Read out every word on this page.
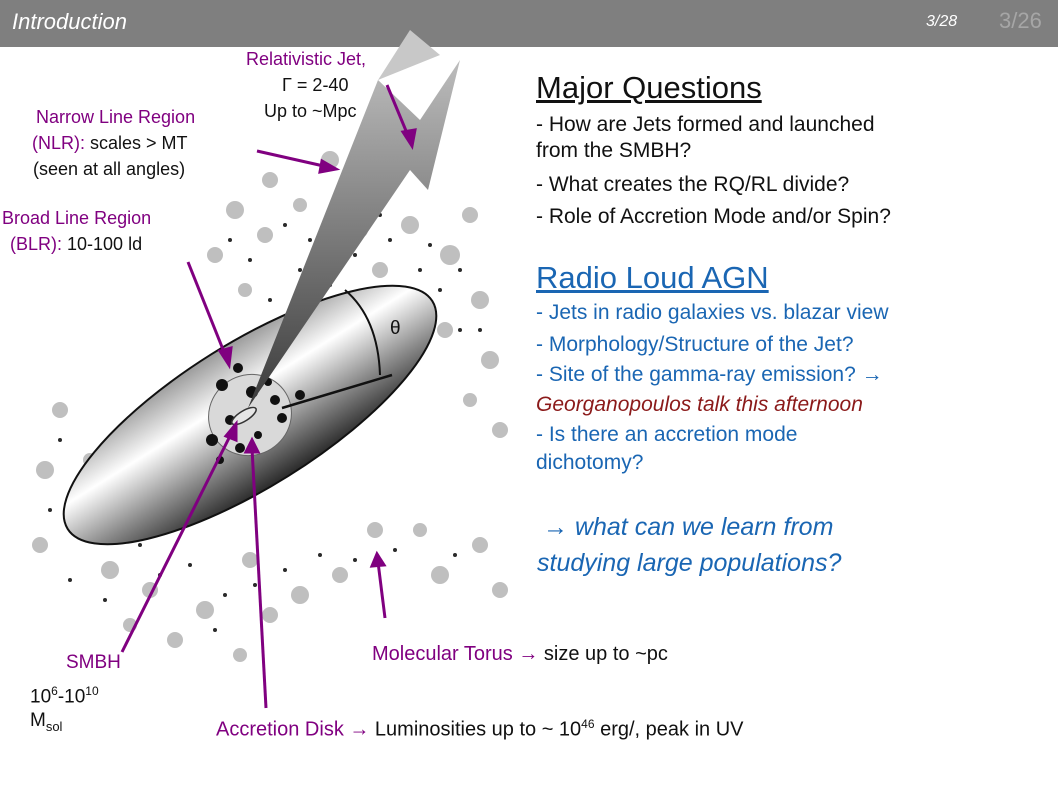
Introduction	3/28 3/26
Relativistic Jet,
Γ = 2-40
Up to ~Mpc
Narrow Line Region
(NLR): scales > MT
(seen at all angles)
Broad Line Region
(BLR): 10-100 ld
θ
SMBH
$10^6-10^{10}$
$M_{sol}$
Molecular Torus → size up to ~pc
Accretion Disk → Luminosities up to ~ $10^{46}$ erg/, peak in UV
Major Questions
- How are Jets formed and launched
from the SMBH?
- What creates the RQ/RL divide?
- Role of Accretion Mode and/or Spin?
Radio Loud AGN
- Jets in radio galaxies vs. blazar view
- Morphology/Structure of the Jet?
- Site of the gamma-ray emission? →
Georganopoulos talk this afternoon
- Is there an accretion mode
dichotomy?
→ what can we learn from
studying large populations?
